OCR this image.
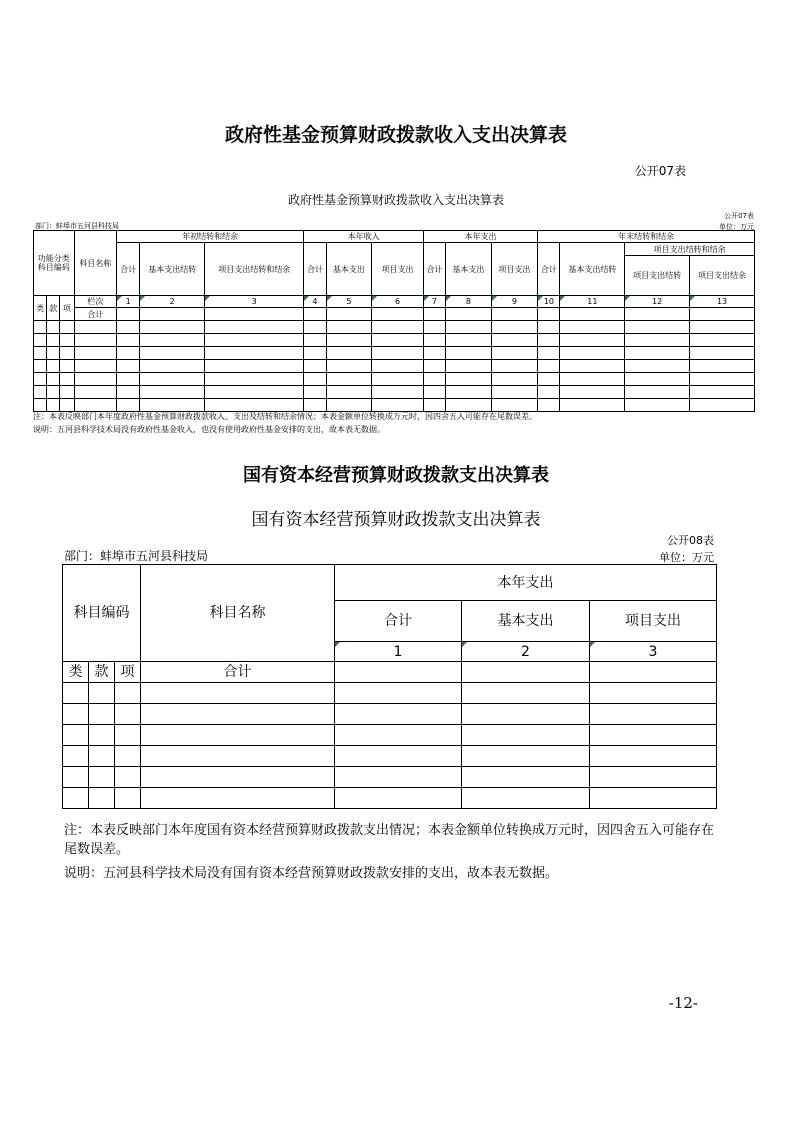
政府性基金预算财政拨款收入支出决算表
公开07表
政府性基金预算财政拨款收入支出决算表
公开07表
单位：万元
部门：蚌埠市五河县科技局
功能分类科目编码			科目名称	年初结转和结余			本年收入			本年支出			年末结转和结余			
				合计	基本支出结转	项目支出结转和结余	合计	基本支出	项目支出	合计	基本支出	项目支出	合计	基本支出结转	项目支出结转和结余	
															项目支出结转	项目支出结余
类	款	项	栏次	1	2	3	4	5	6	7	8	9	10	11	12	13
			合计													

注：本表反映部门本年度政府性基金预算财政拨款收入、支出及结转和结余情况；本表金额单位转换成万元时，因四舍五入可能存在尾数误差。
说明：五河县科学技术局没有政府性基金收入，也没有使用政府性基金安排的支出，故本表无数据。
国有资本经营预算财政拨款支出决算表
国有资本经营预算财政拨款支出决算表
公开08表
部门：蚌埠市五河县科技局	单位：万元
科目编码			科目名称	本年支出		
				合计	基本支出	项目支出
				1	2	3
类	款	项	合计			

注：本表反映部门本年度国有资本经营预算财政拨款支出情况；本表金额单位转换成万元时，因四舍五入可能存在尾数误差。
说明：五河县科学技术局没有国有资本经营预算财政拨款安排的支出，故本表无数据。
-12-
